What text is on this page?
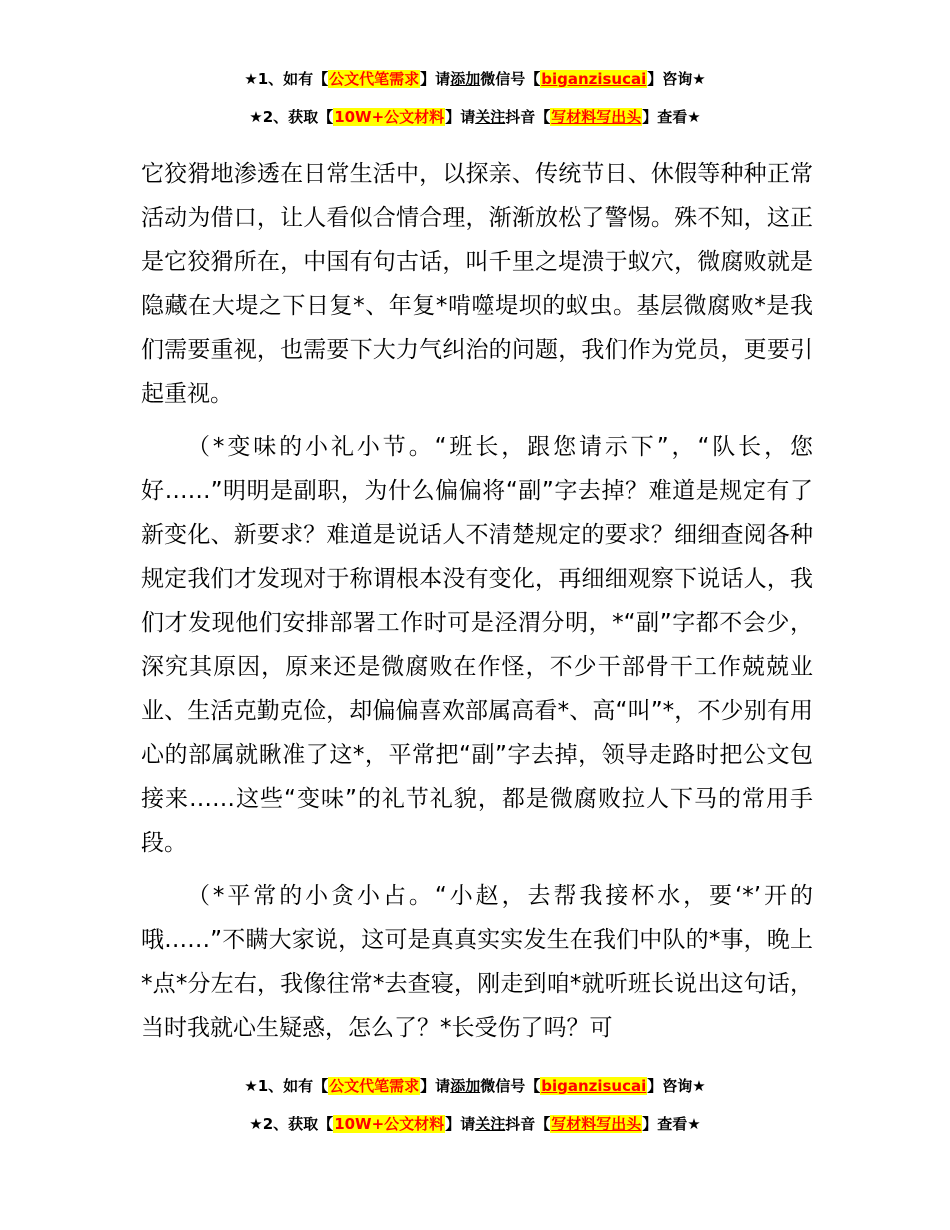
★1、如有【公文代笔需求】请添加微信号【biganzisucai】咨询★
★2、获取【10W+公文材料】请关注抖音【写材料写出头】查看★

它狡猾地渗透在日常生活中，以探亲、传统节日、休假等种种正常活动为借口，让人看似合情合理，渐渐放松了警惕。殊不知，这正是它狡猾所在，中国有句古话，叫千里之堤溃于蚁穴，微腐败就是隐藏在大堤之下日复*、年复*啃噬堤坝的蚁虫。基层微腐败*是我们需要重视，也需要下大力气纠治的问题，我们作为党员，更要引起重视。

（*变味的小礼小节。“班长，跟您请示下”，“队长，您好……”明明是副职，为什么偏偏将“副”字去掉？难道是规定有了新变化、新要求？难道是说话人不清楚规定的要求？细细查阅各种规定我们才发现对于称谓根本没有变化，再细细观察下说话人，我们才发现他们安排部署工作时可是泾渭分明，*“副”字都不会少，深究其原因，原来还是微腐败在作怪，不少干部骨干工作兢兢业业、生活克勤克俭，却偏偏喜欢部属高看*、高“叫”*，不少别有用心的部属就瞅准了这*，平常把“副”字去掉，领导走路时把公文包接来……这些“变味”的礼节礼貌，都是微腐败拉人下马的常用手段。

（*平常的小贪小占。“小赵，去帮我接杯水，要‘*’开的哦……”不瞒大家说，这可是真真实实发生在我们中队的*事，晚上*点*分左右，我像往常*去查寝，刚走到咱*就听班长说出这句话，当时我就心生疑惑，怎么了？*长受伤了吗？可

★1、如有【公文代笔需求】请添加微信号【biganzisucai】咨询★
★2、获取【10W+公文材料】请关注抖音【写材料写出头】查看★
